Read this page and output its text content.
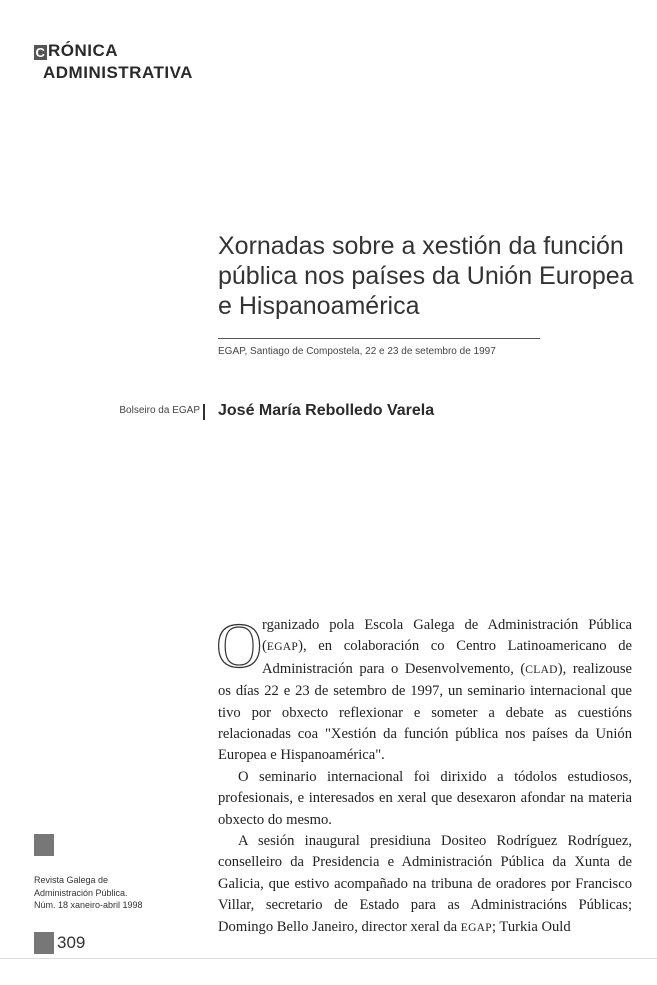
C RÓNICA
ADMINISTRATIVA
Xornadas sobre a xestión da función pública nos países da Unión Europea e Hispanoamérica
EGAP, Santiago de Compostela, 22 e 23 de setembro de 1997
Bolseiro da EGAP José María Rebolledo Varela

Organizado pola Escola Galega de Administración Pública (EGAP), en colaboración co Centro Latinoamericano de Administración para o Desenvolvemento, (CLAD), realizouse os días 22 e 23 de setembro de 1997, un seminario internacional que tivo por obxecto reflexionar e someter a debate as cuestións relacionadas coa "Xestión da función pública nos países da Unión Europea e Hispanoamérica".

O seminario internacional foi dirixido a tódolos estudiosos, profesionais, e interesados en xeral que desexaron afondar na materia obxecto do mesmo.

A sesión inaugural presidiuna Dositeo Rodríguez Rodríguez, conselleiro da Presidencia e Administración Pública da Xunta de Galicia, que estivo acompañado na tribuna de oradores por Francisco Villar, secretario de Estado para as Administracións Públicas; Domingo Bello Janeiro, director xeral da EGAP; Turkia Ould

Revista Galega de
Administración Pública.
Núm. 18 xaneiro-abril 1998
309
